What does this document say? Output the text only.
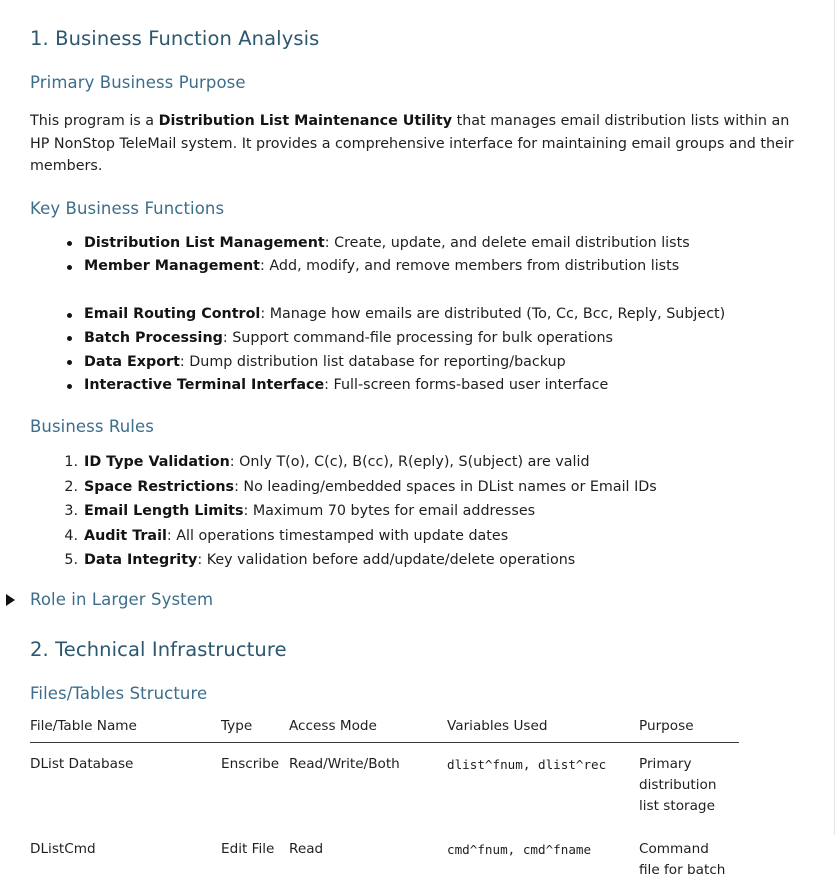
1. Business Function Analysis
Primary Business Purpose

This program is a Distribution List Maintenance Utility that manages email distribution lists within an HP NonStop TeleMail system. It provides a comprehensive interface for maintaining email groups and their members.

Key Business Functions
Distribution List Management: Create, update, and delete email distribution lists
Member Management: Add, modify, and remove members from distribution lists
Email Routing Control: Manage how emails are distributed (To, Cc, Bcc, Reply, Subject)
Batch Processing: Support command-file processing for bulk operations
Data Export: Dump distribution list database for reporting/backup
Interactive Terminal Interface: Full-screen forms-based user interface
Business Rules
ID Type Validation: Only T(o), C(c), B(cc), R(eply), S(ubject) are valid
Space Restrictions: No leading/embedded spaces in DList names or Email IDs
Email Length Limits: Maximum 70 bytes for email addresses
Audit Trail: All operations timestamped with update dates
Data Integrity: Key validation before add/update/delete operations
Role in Larger System
2. Technical Infrastructure
Files/Tables Structure
File/Table Name	Type	Access Mode	Variables Used	Purpose
DList Database	Enscribe	Read/Write/Both	dlist^fnum, dlist^rec	Primary distribution list storage
DListCmd	Edit File	Read	cmd^fnum, cmd^fname	Command file for batch
